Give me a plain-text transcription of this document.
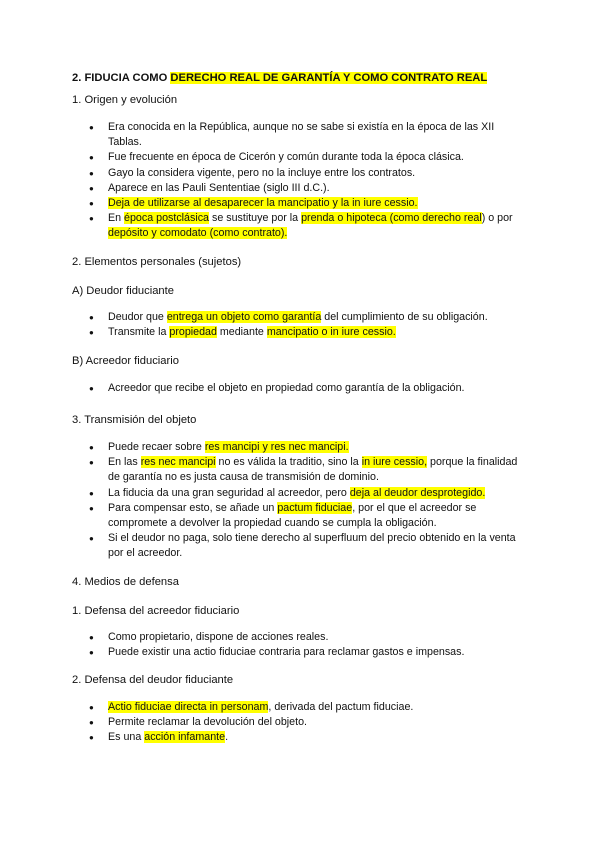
2. FIDUCIA COMO DERECHO REAL DE GARANTÍA Y COMO CONTRATO REAL
1. Origen y evolución
● Era conocida en la República, aunque no se sabe si existía en la época de las XII Tablas.
● Fue frecuente en época de Cicerón y común durante toda la época clásica.
● Gayo la considera vigente, pero no la incluye entre los contratos.
● Aparece en las Pauli Sententiae (siglo III d.C.).
● Deja de utilizarse al desaparecer la mancipatio y la in iure cessio.
● En época postclásica se sustituye por la prenda o hipoteca (como derecho real) o por depósito y comodato (como contrato).
2. Elementos personales (sujetos)
A) Deudor fiduciante
● Deudor que entrega un objeto como garantía del cumplimiento de su obligación.
● Transmite la propiedad mediante mancipatio o in iure cessio.
B) Acreedor fiduciario
● Acreedor que recibe el objeto en propiedad como garantía de la obligación.
3. Transmisión del objeto
● Puede recaer sobre res mancipi y res nec mancipi.
● En las res nec mancipi no es válida la traditio, sino la in iure cessio, porque la finalidad de garantía no es justa causa de transmisión de dominio.
● La fiducia da una gran seguridad al acreedor, pero deja al deudor desprotegido.
● Para compensar esto, se añade un pactum fiduciae, por el que el acreedor se compromete a devolver la propiedad cuando se cumpla la obligación.
● Si el deudor no paga, solo tiene derecho al superfluum del precio obtenido en la venta por el acreedor.
4. Medios de defensa
1. Defensa del acreedor fiduciario
● Como propietario, dispone de acciones reales.
● Puede existir una actio fiduciae contraria para reclamar gastos e impensas.
2. Defensa del deudor fiduciante
● Actio fiduciae directa in personam, derivada del pactum fiduciae.
● Permite reclamar la devolución del objeto.
● Es una acción infamante.
